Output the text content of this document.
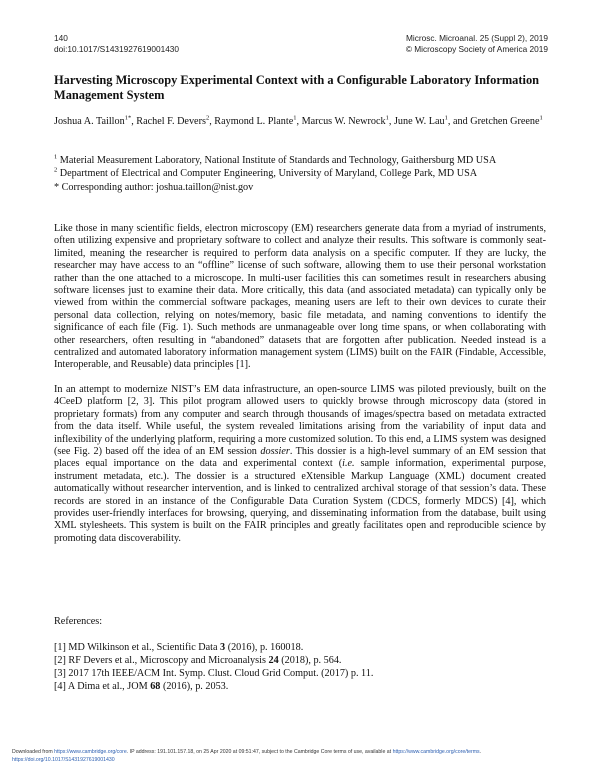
140
doi:10.1017/S1431927619001430
Microsc. Microanal. 25 (Suppl 2), 2019
© Microscopy Society of America 2019
Harvesting Microscopy Experimental Context with a Configurable Laboratory Information Management System
Joshua A. Taillon$^{1*}$, Rachel F. Devers$^2$, Raymond L. Plante$^1$, Marcus W. Newrock$^1$, June W. Lau$^1$, and Gretchen Greene$^1$

$^1$ Material Measurement Laboratory, National Institute of Standards and Technology, Gaithersburg MD USA

$^2$ Department of Electrical and Computer Engineering, University of Maryland, College Park, MD USA

* Corresponding author: joshua.taillon@nist.gov

Like those in many scientific fields, electron microscopy (EM) researchers generate data from a myriad of instruments, often utilizing expensive and proprietary software to collect and analyze their results. This software is commonly seat-limited, meaning the researcher is required to perform data analysis on a specific computer. If they are lucky, the researcher may have access to an “offline” license of such software, allowing them to use their personal workstation rather than the one attached to a microscope. In multi-user facilities this can sometimes result in researchers abusing software licenses just to examine their data. More critically, this data (and associated metadata) can typically only be viewed from within the commercial software packages, meaning users are left to their own devices to curate their personal data collection, relying on notes/memory, basic file metadata, and naming conventions to identify the significance of each file (Fig. 1). Such methods are unmanageable over long time spans, or when collaborating with other researchers, often resulting in “abandoned” datasets that are forgotten after publication. Needed instead is a centralized and automated laboratory information management system (LIMS) built on the FAIR (Findable, Accessible, Interoperable, and Reusable) data principles [1].

In an attempt to modernize NIST’s EM data infrastructure, an open-source LIMS was piloted previously, built on the 4CeeD platform [2, 3]. This pilot program allowed users to quickly browse through microscopy data (stored in proprietary formats) from any computer and search through thousands of images/spectra based on metadata extracted from the data itself. While useful, the system revealed limitations arising from the variability of input data and inflexibility of the underlying platform, requiring a more customized solution. To this end, a LIMS system was designed (see Fig. 2) based off the idea of an EM session dossier. This dossier is a high-level summary of an EM session that places equal importance on the data and experimental context (i.e. sample information, experimental purpose, instrument metadata, etc.). The dossier is a structured eXtensible Markup Language (XML) document created automatically without researcher intervention, and is linked to centralized archival storage of that session’s data. These records are stored in an instance of the Configurable Data Curation System (CDCS, formerly MDCS) [4], which provides user-friendly interfaces for browsing, querying, and disseminating information from the database, built using XML stylesheets. This system is built on the FAIR principles and greatly facilitates open and reproducible science by promoting data discoverability.

References:

[1] MD Wilkinson et al., Scientific Data 3 (2016), p. 160018.

[2] RF Devers et al., Microscopy and Microanalysis 24 (2018), p. 564.

[3] 2017 17th IEEE/ACM Int. Symp. Clust. Cloud Grid Comput. (2017) p. 11.

[4] A Dima et al., JOM 68 (2016), p. 2053.

Downloaded from https://www.cambridge.org/core. IP address: 191.101.157.18, on 25 Apr 2020 at 09:51:47, subject to the Cambridge Core terms of use, available at https://www.cambridge.org/core/terms.
https://doi.org/10.1017/S1431927619001430
